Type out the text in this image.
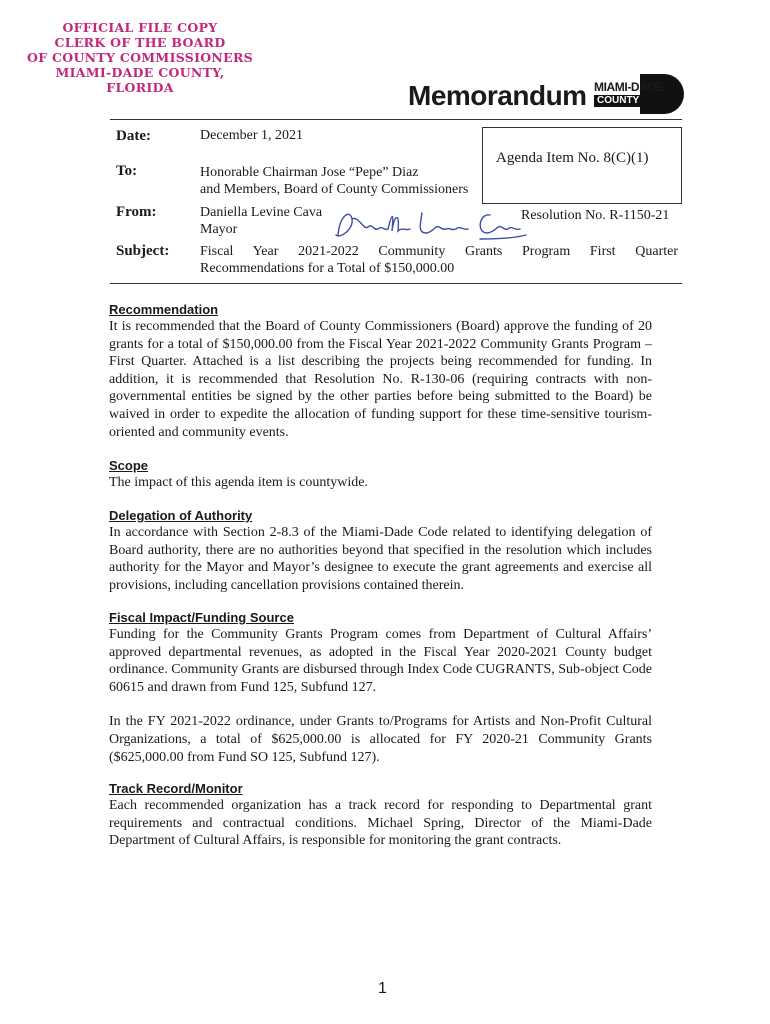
OFFICIAL FILE COPY
CLERK OF THE BOARD
OF COUNTY COMMISSIONERS
MIAMI-DADE COUNTY, FLORIDA	Memorandum MIAMI-DADE
COUNTY
Date:	December 1, 2021
Agenda Item No. 8(C)(1)
To:	Honorable Chairman Jose “Pepe” Diaz
and Members, Board of County Commissioners
From:	Daniella Levine Cava
Mayor
Resolution No. R-1150-21
Subject: Fiscal Year 2021-2022 Community Grants Program First Quarter
Recommendations for a Total of $150,000.00
Recommendation
It is recommended that the Board of County Commissioners (Board) approve the funding of 20 grants for a total of $150,000.00 from the Fiscal Year 2021-2022 Community Grants Program – First Quarter. Attached is a list describing the projects being recommended for funding. In addition, it is recommended that Resolution No. R-130-06 (requiring contracts with non-governmental entities be signed by the other parties before being submitted to the Board) be waived in order to expedite the allocation of funding support for these time-sensitive tourism-oriented and community events.
Scope
The impact of this agenda item is countywide.
Delegation of Authority
In accordance with Section 2-8.3 of the Miami-Dade Code related to identifying delegation of Board authority, there are no authorities beyond that specified in the resolution which includes authority for the Mayor and Mayor’s designee to execute the grant agreements and exercise all provisions, including cancellation provisions contained therein.
Fiscal Impact/Funding Source
Funding for the Community Grants Program comes from Department of Cultural Affairs’ approved departmental revenues, as adopted in the Fiscal Year 2020-2021 County budget ordinance. Community Grants are disbursed through Index Code CUGRANTS, Sub-object Code 60615 and drawn from Fund 125, Subfund 127.
In the FY 2021-2022 ordinance, under Grants to/Programs for Artists and Non-Profit Cultural Organizations, a total of $625,000.00 is allocated for FY 2020-21 Community Grants ($625,000.00 from Fund SO 125, Subfund 127).
Track Record/Monitor
Each recommended organization has a track record for responding to Departmental grant requirements and contractual conditions. Michael Spring, Director of the Miami-Dade Department of Cultural Affairs, is responsible for monitoring the grant contracts.
1
